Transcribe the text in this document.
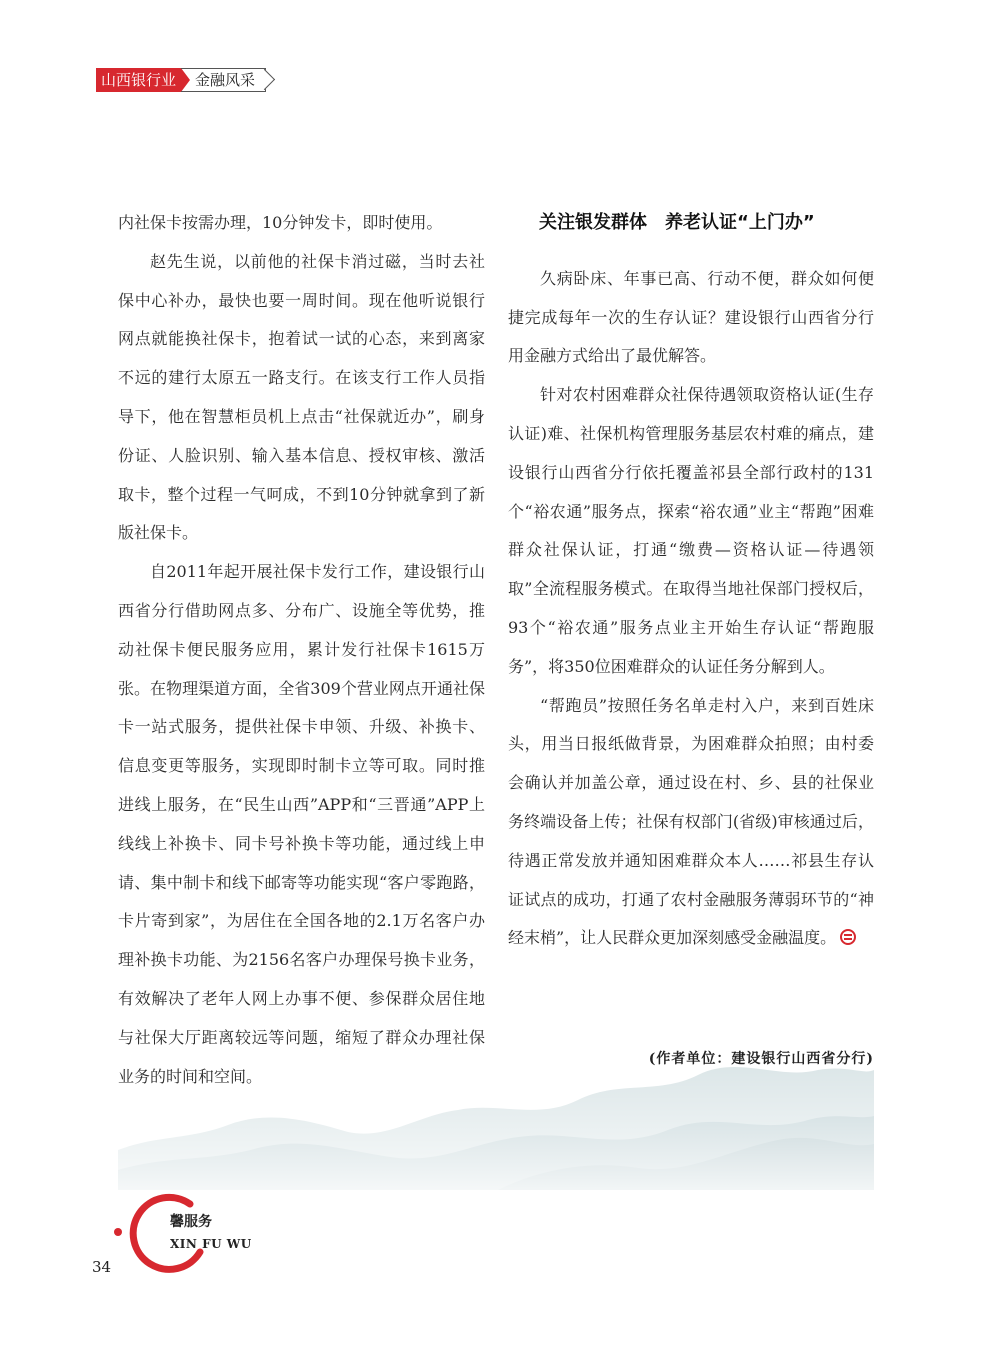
山西银行业	金融风采

内社保卡按需办理，10分钟发卡，即时使用。

赵先生说，以前他的社保卡消过磁，当时去社保中心补办，最快也要一周时间。现在他听说银行网点就能换社保卡，抱着试一试的心态，来到离家不远的建行太原五一路支行。在该支行工作人员指导下，他在智慧柜员机上点击“社保就近办”，刷身份证、人脸识别、输入基本信息、授权审核、激活取卡，整个过程一气呵成，不到10分钟就拿到了新版社保卡。

自2011年起开展社保卡发行工作，建设银行山西省分行借助网点多、分布广、设施全等优势，推动社保卡便民服务应用，累计发行社保卡1615万张。在物理渠道方面，全省309个营业网点开通社保卡一站式服务，提供社保卡申领、升级、补换卡、信息变更等服务，实现即时制卡立等可取。同时推进线上服务，在“民生山西”APP和“三晋通”APP上线线上补换卡、同卡号补换卡等功能，通过线上申请、集中制卡和线下邮寄等功能实现“客户零跑路，卡片寄到家”，为居住在全国各地的2.1万名客户办理补换卡功能、为2156名客户办理保号换卡业务，有效解决了老年人网上办事不便、参保群众居住地与社保大厅距离较远等问题，缩短了群众办理社保业务的时间和空间。

关注银发群体　养老认证“上门办”

久病卧床、年事已高、行动不便，群众如何便捷完成每年一次的生存认证？建设银行山西省分行用金融方式给出了最优解答。

针对农村困难群众社保待遇领取资格认证(生存认证)难、社保机构管理服务基层农村难的痛点，建设银行山西省分行依托覆盖祁县全部行政村的131个“裕农通”服务点，探索“裕农通”业主“帮跑”困难群众社保认证，打通“缴费—资格认证—待遇领取”全流程服务模式。在取得当地社保部门授权后，93个“裕农通”服务点业主开始生存认证“帮跑服务”，将350位困难群众的认证任务分解到人。

“帮跑员”按照任务名单走村入户，来到百姓床头，用当日报纸做背景，为困难群众拍照；由村委会确认并加盖公章，通过设在村、乡、县的社保业务终端设备上传；社保有权部门(省级)审核通过后，待遇正常发放并通知困难群众本人……祁县生存认证试点的成功，打通了农村金融服务薄弱环节的“神经末梢”，让人民群众更加深刻感受金融温度。

(作者单位：建设银行山西省分行)
馨服务
XIN FU WU
34
